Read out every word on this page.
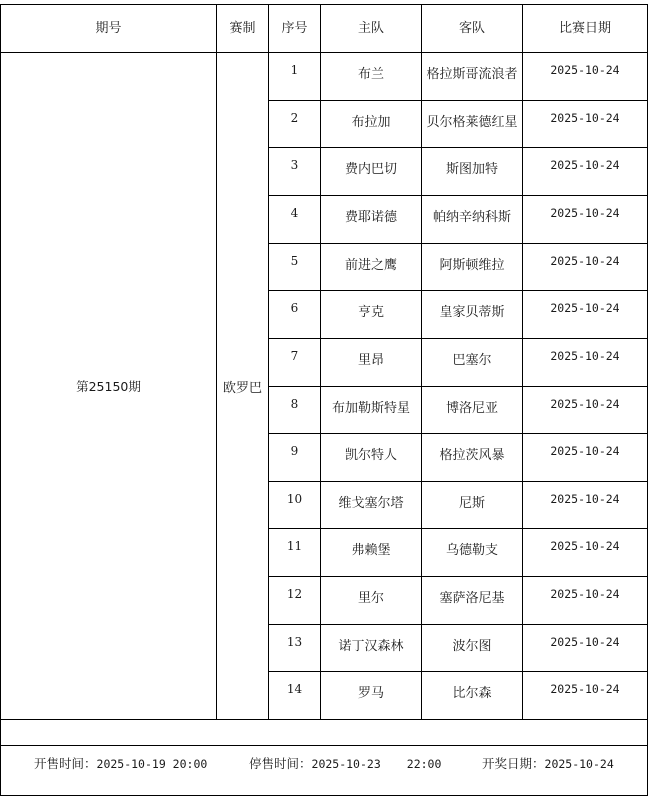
期号	赛制	序号	主队	客队	比赛日期
第25150期	欧罗巴
1	布兰	格拉斯哥流浪者	2025-10-24
2	布拉加	贝尔格莱德红星	2025-10-24
3	费内巴切	斯图加特	2025-10-24
4	费耶诺德	帕纳辛纳科斯	2025-10-24
5	前进之鹰	阿斯顿维拉	2025-10-24
6	亨克	皇家贝蒂斯	2025-10-24
7	里昂	巴塞尔	2025-10-24
8	布加勒斯特星	博洛尼亚	2025-10-24
9	凯尔特人	格拉茨风暴	2025-10-24
10	维戈塞尔塔	尼斯	2025-10-24
11	弗赖堡	乌德勒支	2025-10-24
12	里尔	塞萨洛尼基	2025-10-24
13	诺丁汉森林	波尔图	2025-10-24
14	罗马	比尔森	2025-10-24
开售时间：2025-10-19 20:00	停售时间：2025-10-23 22:00	开奖日期：2025-10-24
